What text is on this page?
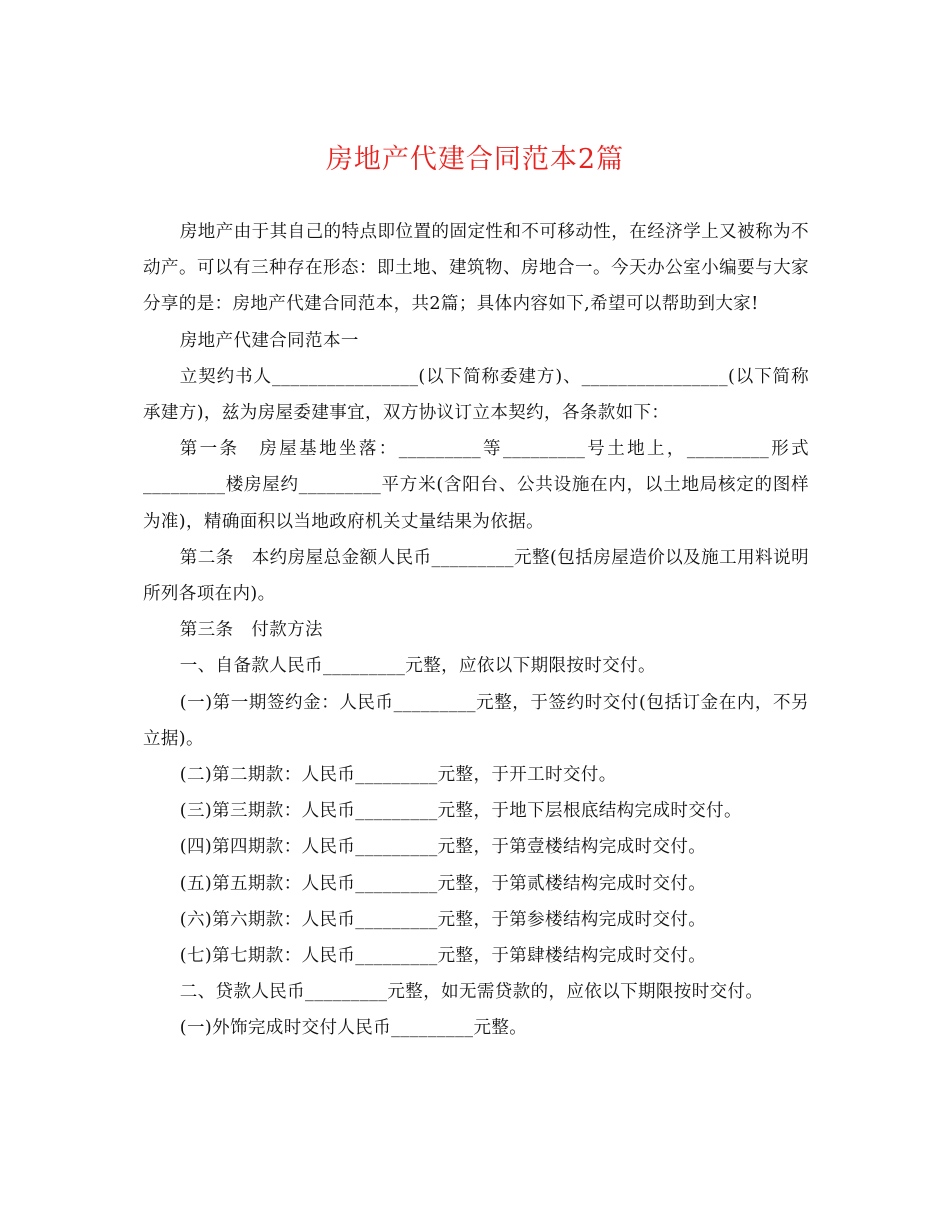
房地产代建合同范本2篇

房地产由于其自己的特点即位置的固定性和不可移动性，在经济学上又被称为不动产。可以有三种存在形态：即土地、建筑物、房地合一。今天办公室小编要与大家分享的是：房地产代建合同范本，共2篇；具体内容如下,希望可以帮助到大家!

房地产代建合同范本一

立契约书人________________(以下简称委建方)、________________(以下简称承建方)，兹为房屋委建事宜，双方协议订立本契约，各条款如下：

第一条　房屋基地坐落：_________等_________号土地上，_________形式_________楼房屋约_________平方米(含阳台、公共设施在内，以土地局核定的图样为准)，精确面积以当地政府机关丈量结果为依据。

第二条　本约房屋总金额人民币_________元整(包括房屋造价以及施工用料说明所列各项在内)。

第三条　付款方法

一、自备款人民币_________元整，应依以下期限按时交付。

(一)第一期签约金：人民币_________元整，于签约时交付(包括订金在内，不另立据)。

(二)第二期款：人民币_________元整，于开工时交付。

(三)第三期款：人民币_________元整，于地下层根底结构完成时交付。

(四)第四期款：人民币_________元整，于第壹楼结构完成时交付。

(五)第五期款：人民币_________元整，于第贰楼结构完成时交付。

(六)第六期款：人民币_________元整，于第参楼结构完成时交付。

(七)第七期款：人民币_________元整，于第肆楼结构完成时交付。

二、贷款人民币_________元整，如无需贷款的，应依以下期限按时交付。

(一)外饰完成时交付人民币_________元整。
